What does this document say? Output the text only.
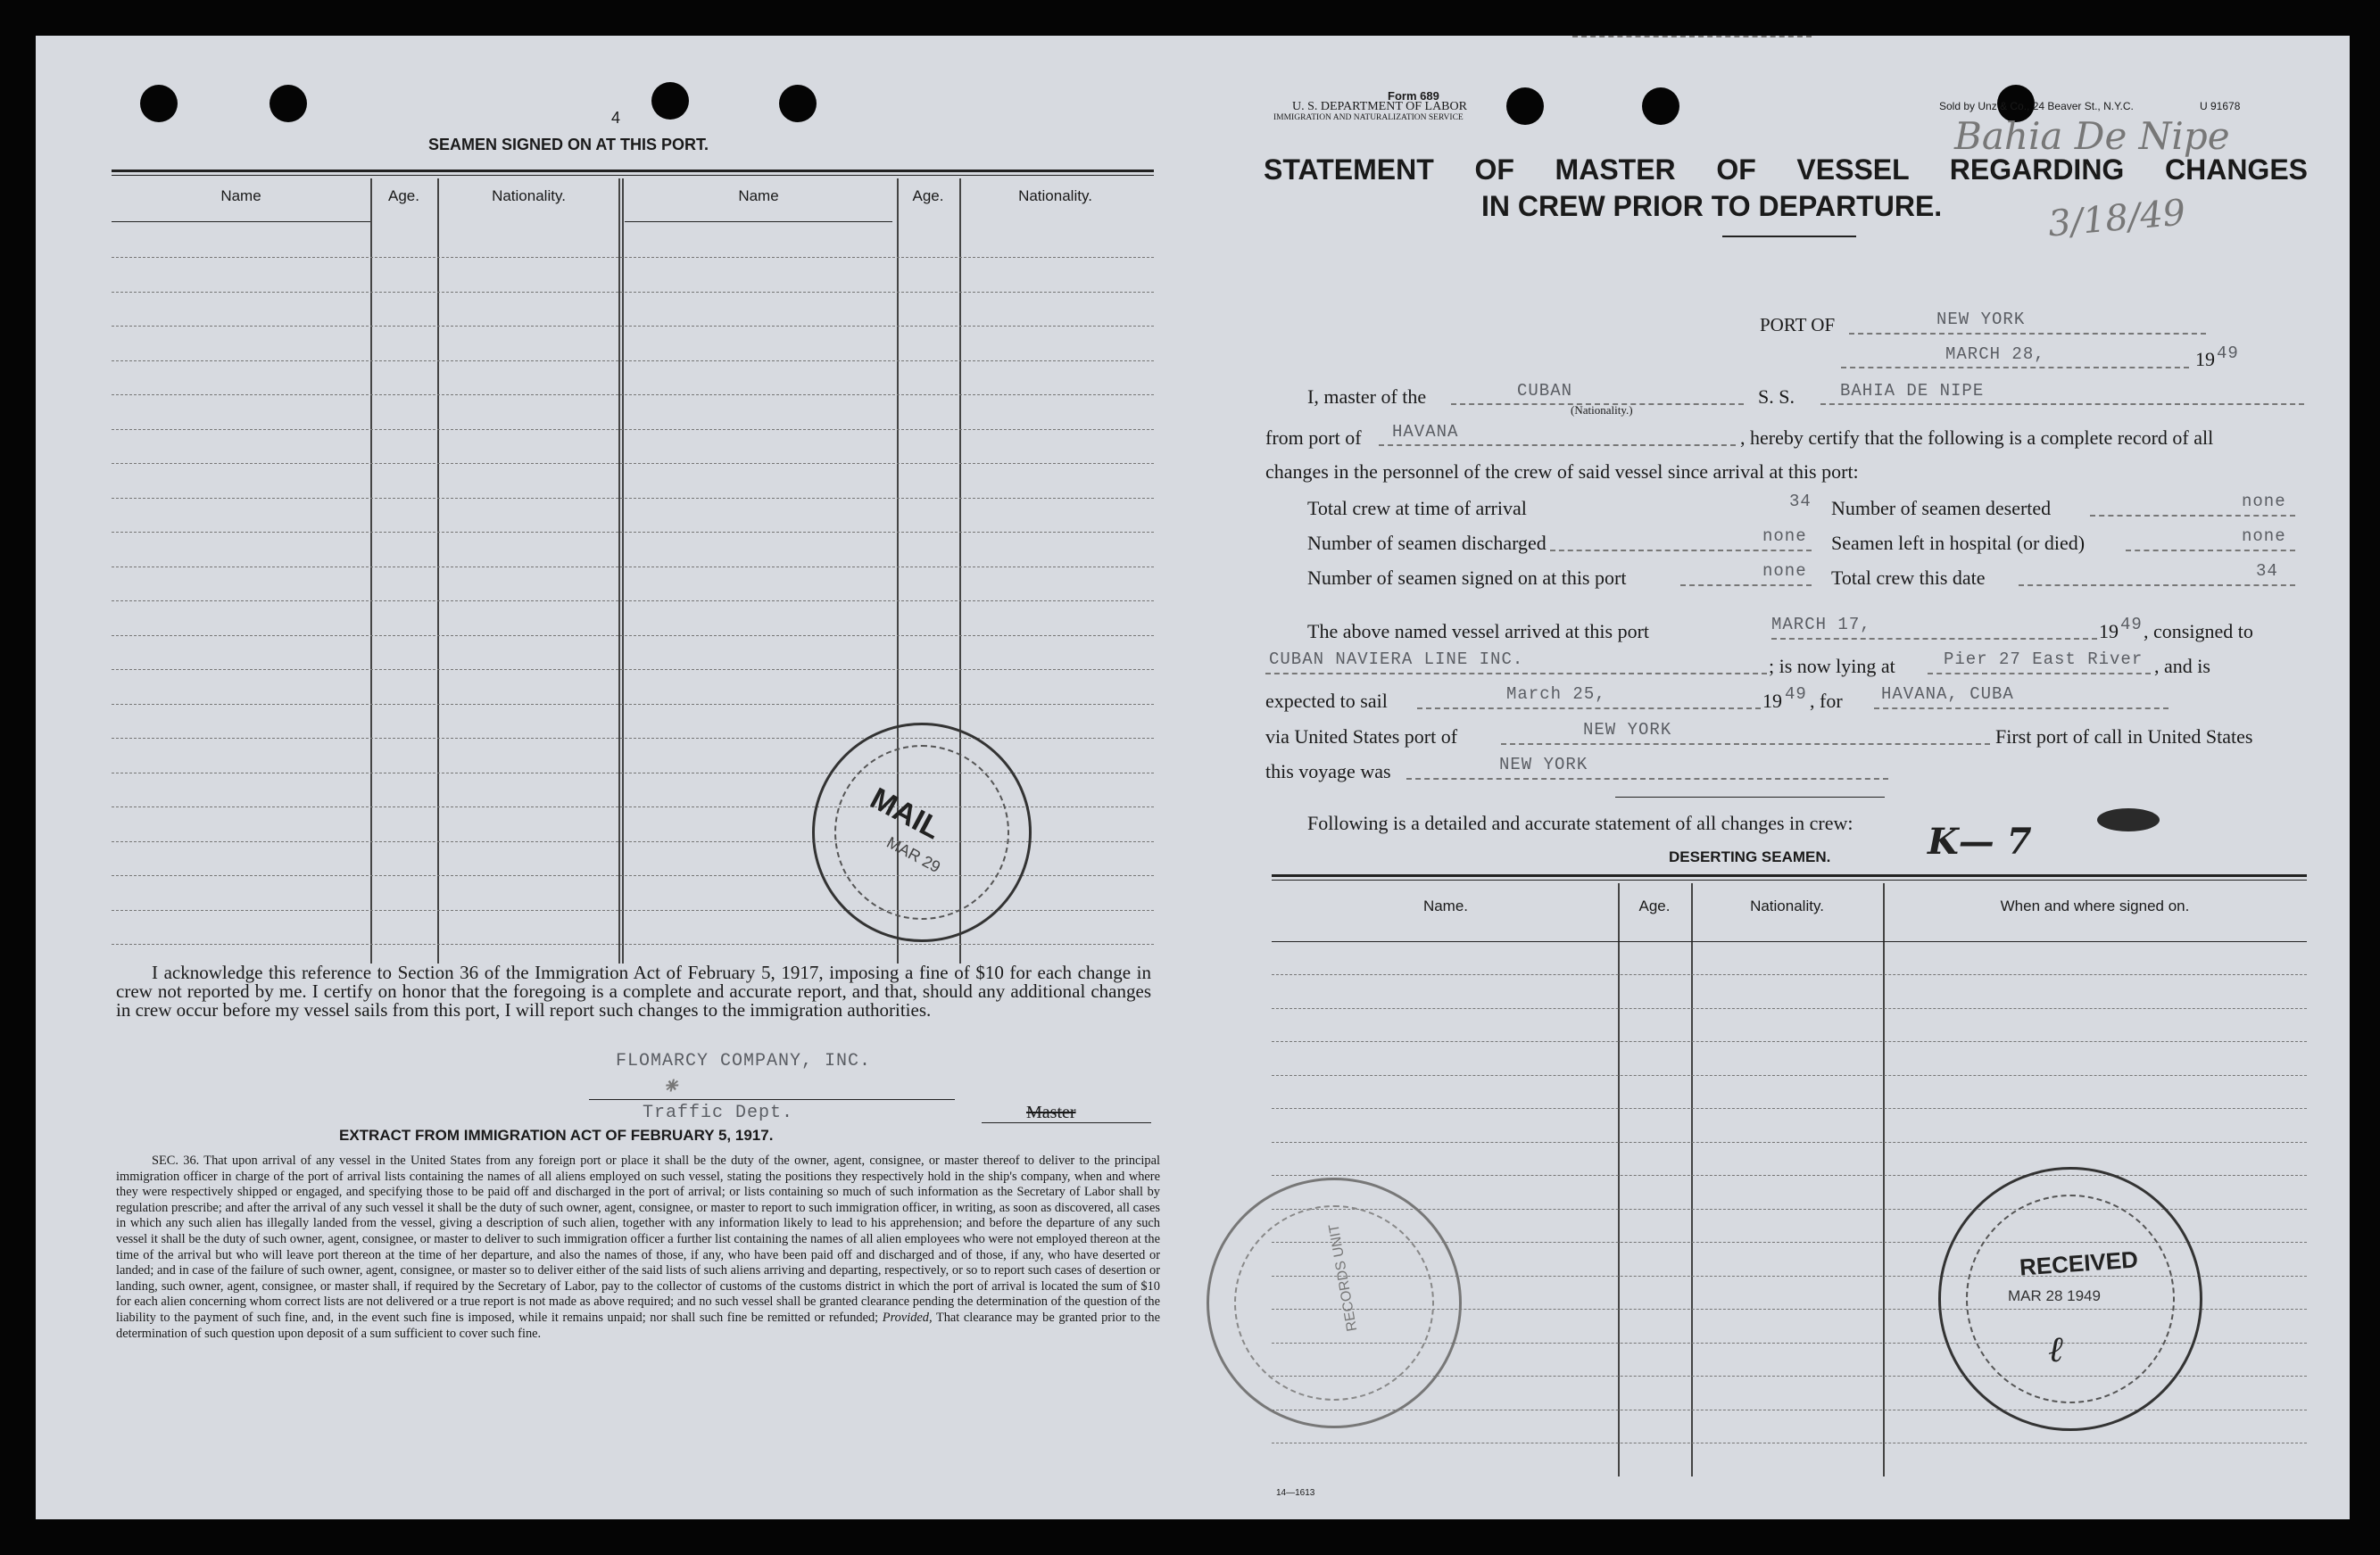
4
SEAMEN SIGNED ON AT THIS PORT.
Name	Age.	Nationality.	Name	Age.	Nationality.
MAIL
MAR 29
I acknowledge this reference to Section 36 of the Immigration Act of February 5, 1917, imposing a fine of $10 for each change in crew not reported by me. I certify on honor that the foregoing is a complete and accurate report, and that, should any additional changes in crew occur before my vessel sails from this port, I will report such changes to the immigration authorities.
FLOMARCY COMPANY, INC.
⁕
Traffic Dept.	Master
EXTRACT FROM IMMIGRATION ACT OF FEBRUARY 5, 1917.
SEC. 36. That upon arrival of any vessel in the United States from any foreign port or place it shall be the duty of the owner, agent, consignee, or master thereof to deliver to the principal immigration officer in charge of the port of arrival lists containing the names of all aliens employed on such vessel, stating the positions they respectively hold in the ship's company, when and where they were respectively shipped or engaged, and specifying those to be paid off and discharged in the port of arrival; or lists containing so much of such information as the Secretary of Labor shall by regulation prescribe; and after the arrival of any such vessel it shall be the duty of such owner, agent, consignee, or master to report to such immigration officer, in writing, as soon as discovered, all cases in which any such alien has illegally landed from the vessel, giving a description of such alien, together with any information likely to lead to his apprehension; and before the departure of any such vessel it shall be the duty of such owner, agent, consignee, or master to deliver to such immigration officer a further list containing the names of all alien employees who were not employed thereon at the time of the arrival but who will leave port thereon at the time of her departure, and also the names of those, if any, who have been paid off and discharged and of those, if any, who have deserted or landed; and in case of the failure of such owner, agent, consignee, or master so to deliver either of the said lists of such aliens arriving and departing, respectively, or so to report such cases of desertion or landing, such owner, agent, consignee, or master shall, if required by the Secretary of Labor, pay to the collector of customs of the customs district in which the port of arrival is located the sum of $10 for each alien concerning whom correct lists are not delivered or a true report is not made as above required; and no such vessel shall be granted clearance pending the determination of the question of the liability to the payment of such fine, and, in the event such fine is imposed, while it remains unpaid; nor shall such fine be remitted or refunded; Provided, That clearance may be granted prior to the determination of such question upon deposit of a sum sufficient to cover such fine.
Form 689
U. S. DEPARTMENT OF LABOR
IMMIGRATION AND NATURALIZATION SERVICE
Sold by Unz & Co., 24 Beaver St., N.Y.C.	U 91678
Bahia De Nipe
3/18/49
STATEMENT OF MASTER OF VESSEL REGARDING CHANGES
IN CREW PRIOR TO DEPARTURE.
PORT OF	NEW YORK
MARCH 28,	19 49
I, master of the	CUBAN
(Nationality.)
S. S.	BAHIA DE NIPE
from port of HAVANA	, hereby certify that the following is a complete record of all
changes in the personnel of the crew of said vessel since arrival at this port:
Total crew at time of arrival	34 Number of seamen deserted	none
Number of seamen discharged	none Seamen left in hospital (or died)	none
Number of seamen signed on at this port	none Total crew this date	34
The above named vessel arrived at this port	MARCH 17,	19 49 , consigned to
CUBAN NAVIERA LINE INC.	; is now lying at	Pier 27 East River , and is
expected to sail	March 25,	19 49 , for HAVANA, CUBA
via United States port of	NEW YORK	First port of call in United States
this voyage was	NEW YORK
Following is a detailed and accurate statement of all changes in crew: K— 7
DESERTING SEAMEN.
Name.	Age.	Nationality.	When and where signed on.
RECORDS UNIT	RECEIVED
MAR 28 1949
ℓ
14—1613
